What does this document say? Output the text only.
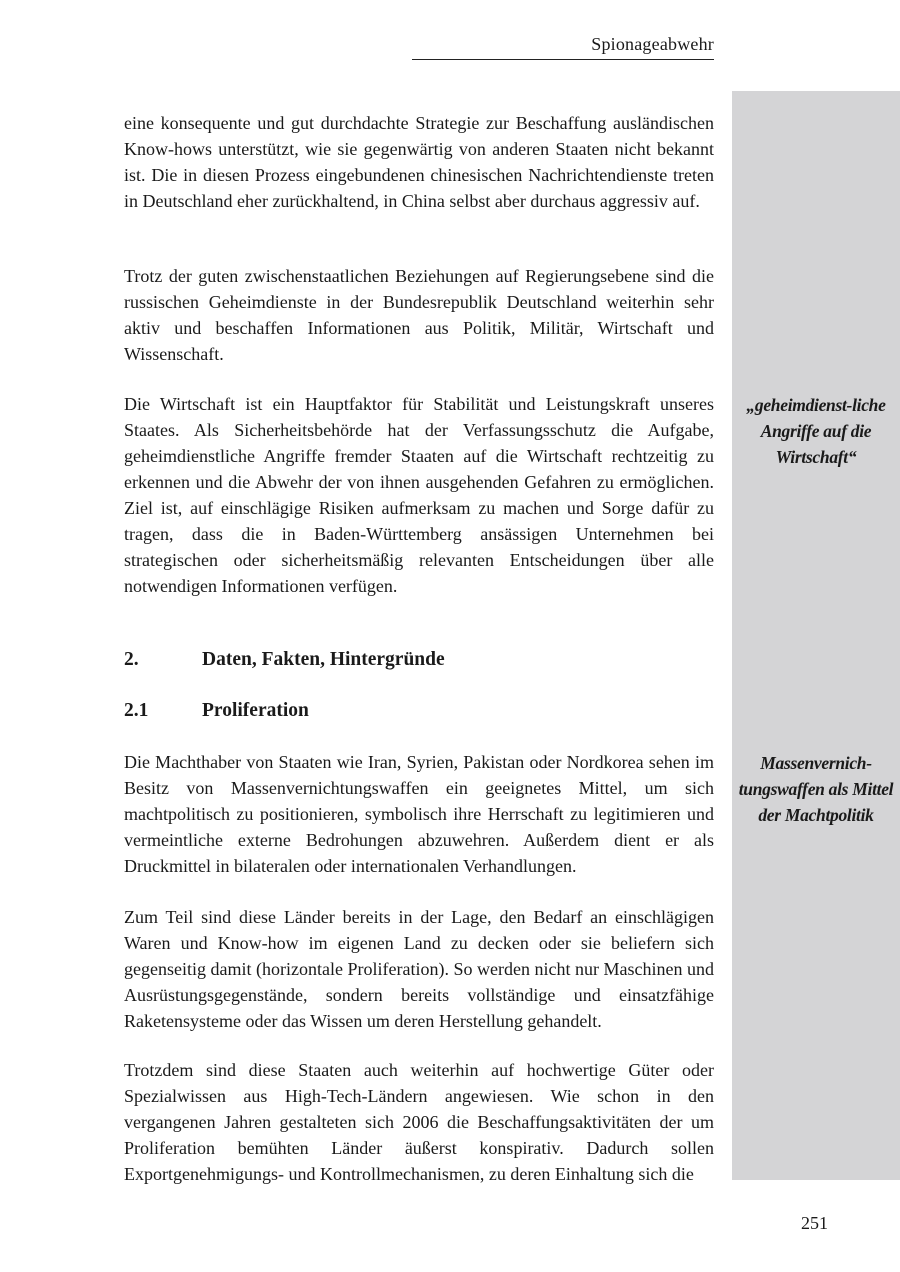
Spionageabwehr
„geheimdienst-liche Angriffe auf die Wirtschaft“
Massenvernich-tungswaffen als Mittel der Machtpolitik

eine konsequente und gut durchdachte Strategie zur Beschaffung ausländischen Know-hows unterstützt, wie sie gegenwärtig von anderen Staaten nicht bekannt ist. Die in diesen Prozess eingebundenen chinesischen Nachrichtendienste treten in Deutschland eher zurückhaltend, in China selbst aber durchaus aggressiv auf.

Trotz der guten zwischenstaatlichen Beziehungen auf Regierungsebene sind die russischen Geheimdienste in der Bundesrepublik Deutschland weiterhin sehr aktiv und beschaffen Informationen aus Politik, Militär, Wirtschaft und Wissenschaft.

Die Wirtschaft ist ein Hauptfaktor für Stabilität und Leistungskraft unseres Staates. Als Sicherheitsbehörde hat der Verfassungsschutz die Aufgabe, geheimdienstliche Angriffe fremder Staaten auf die Wirtschaft rechtzeitig zu erkennen und die Abwehr der von ihnen ausgehenden Gefahren zu ermöglichen. Ziel ist, auf einschlägige Risiken aufmerksam zu machen und Sorge dafür zu tragen, dass die in Baden-Württemberg ansässigen Unternehmen bei strategischen oder sicherheitsmäßig relevanten Entscheidungen über alle notwendigen Informationen verfügen.

2.	Daten, Fakten, Hintergründe
2.1	Proliferation

Die Machthaber von Staaten wie Iran, Syrien, Pakistan oder Nordkorea sehen im Besitz von Massenvernichtungswaffen ein geeignetes Mittel, um sich machtpolitisch zu positionieren, symbolisch ihre Herrschaft zu legitimieren und vermeintliche externe Bedrohungen abzuwehren. Außerdem dient er als Druckmittel in bilateralen oder internationalen Verhandlungen.

Zum Teil sind diese Länder bereits in der Lage, den Bedarf an einschlägigen Waren und Know-how im eigenen Land zu decken oder sie beliefern sich gegenseitig damit (horizontale Proliferation). So werden nicht nur Maschinen und Ausrüstungsgegenstände, sondern bereits vollständige und einsatzfähige Raketensysteme oder das Wissen um deren Herstellung gehandelt.

Trotzdem sind diese Staaten auch weiterhin auf hochwertige Güter oder Spezialwissen aus High-Tech-Ländern angewiesen. Wie schon in den vergangenen Jahren gestalteten sich 2006 die Beschaffungsaktivitäten der um Proliferation bemühten Länder äußerst konspirativ. Dadurch sollen Exportgenehmigungs- und Kontrollmechanismen, zu deren Einhaltung sich die

251
